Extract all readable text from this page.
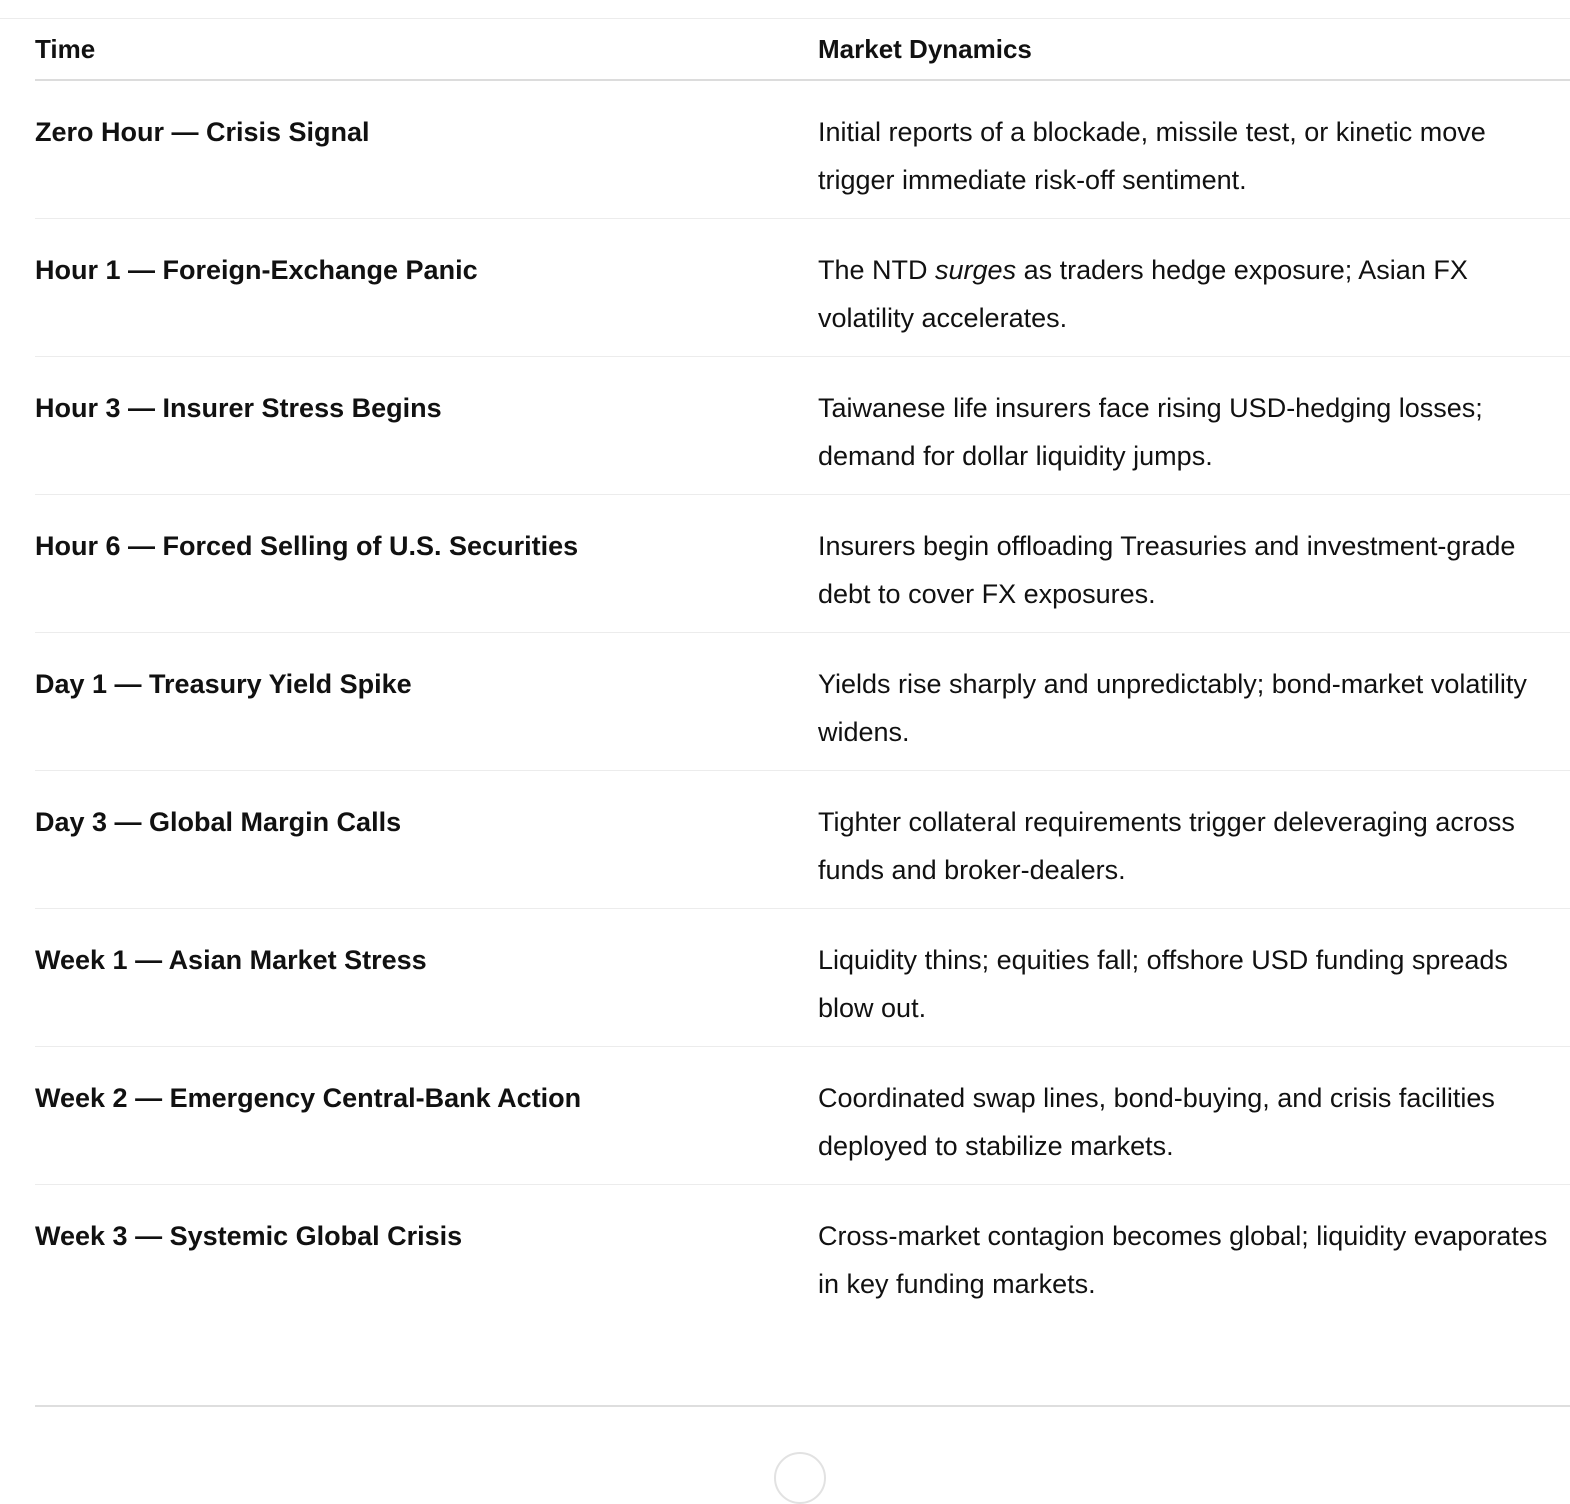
Time	Market Dynamics
Zero Hour — Crisis Signal	Initial reports of a blockade, missile test, or kinetic move trigger immediate risk-off sentiment.
Hour 1 — Foreign-Exchange Panic	The NTD surges as traders hedge exposure; Asian FX volatility accelerates.
Hour 3 — Insurer Stress Begins	Taiwanese life insurers face rising USD-hedging losses; demand for dollar liquidity jumps.
Hour 6 — Forced Selling of U.S. Securities	Insurers begin offloading Treasuries and investment-grade debt to cover FX exposures.
Day 1 — Treasury Yield Spike	Yields rise sharply and unpredictably; bond-market volatility widens.
Day 3 — Global Margin Calls	Tighter collateral requirements trigger deleveraging across funds and broker-dealers.
Week 1 — Asian Market Stress	Liquidity thins; equities fall; offshore USD funding spreads blow out.
Week 2 — Emergency Central-Bank Action	Coordinated swap lines, bond-buying, and crisis facilities deployed to stabilize markets.
Week 3 — Systemic Global Crisis	Cross-market contagion becomes global; liquidity evaporates in key funding markets.
